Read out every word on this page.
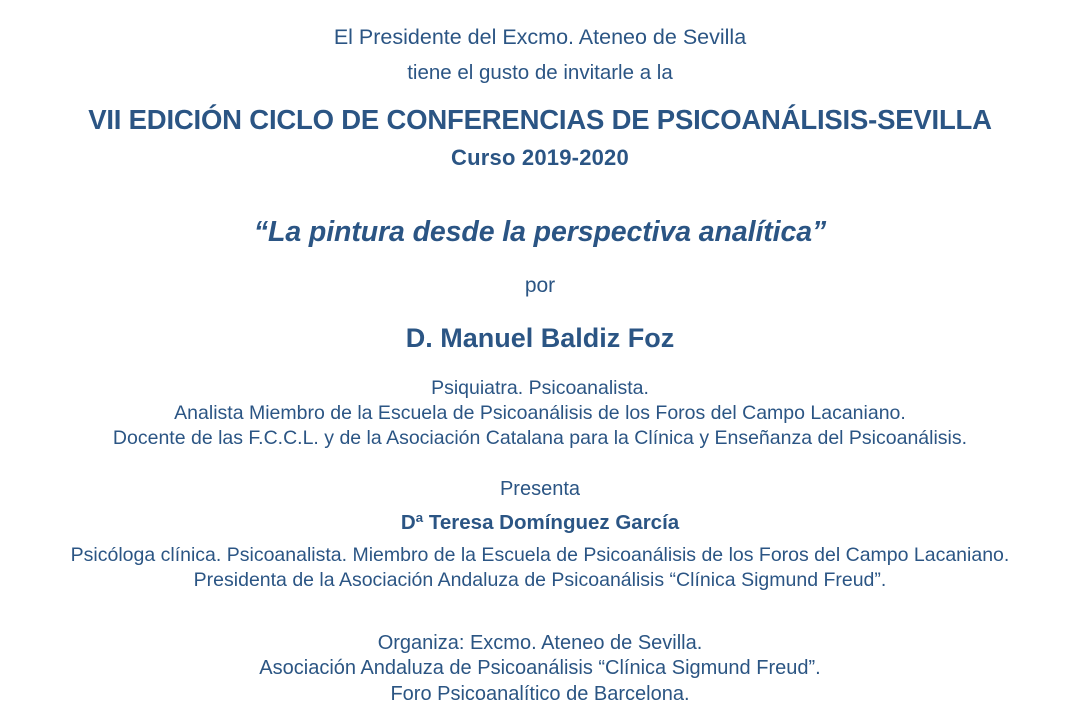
El Presidente del Excmo. Ateneo de Sevilla
tiene el gusto de invitarle a la
VII EDICIÓN CICLO DE CONFERENCIAS DE PSICOANÁLISIS-SEVILLA
Curso 2019-2020
“La pintura desde la perspectiva analítica”
por
D. Manuel Baldiz Foz
Psiquiatra. Psicoanalista.
Analista Miembro de la Escuela de Psicoanálisis de los Foros del Campo Lacaniano.
Docente de las F.C.C.L. y de la Asociación Catalana para la Clínica y Enseñanza del Psicoanálisis.
Presenta
Dª Teresa Domínguez García
Psicóloga clínica. Psicoanalista. Miembro de la Escuela de Psicoanálisis de los Foros del Campo Lacaniano.
Presidenta de la Asociación Andaluza de Psicoanálisis “Clínica Sigmund Freud”.
Organiza: Excmo. Ateneo de Sevilla.
Asociación Andaluza de Psicoanálisis “Clínica Sigmund Freud”.
Foro Psicoanalítico de Barcelona.
